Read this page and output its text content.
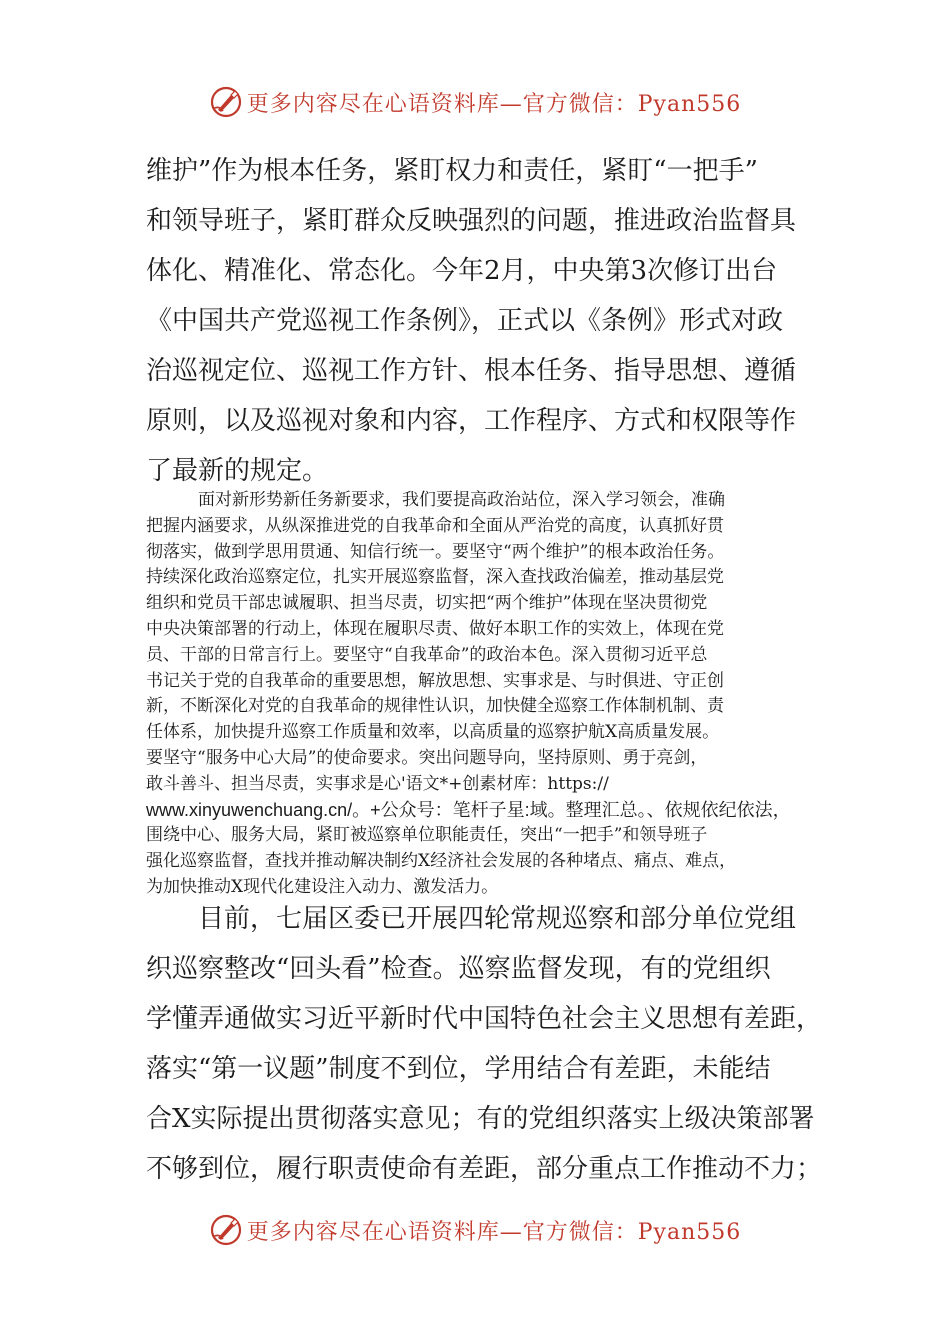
更多内容尽在心语资料库—官方微信：Pyan556
维护”作为根本任务，紧盯权力和责任，紧盯“一把手”
和领导班子，紧盯群众反映强烈的问题，推进政治监督具
体化、精准化、常态化。今年2月，中央第3次修订出台
《中国共产党巡视工作条例》，正式以《条例》形式对政
治巡视定位、巡视工作方针、根本任务、指导思想、遵循
原则，以及巡视对象和内容，工作程序、方式和权限等作
了最新的规定。
面对新形势新任务新要求，我们要提高政治站位，深入学习领会，准确
把握内涵要求，从纵深推进党的自我革命和全面从严治党的高度，认真抓好贯
彻落实，做到学思用贯通、知信行统一。要坚守“两个维护”的根本政治任务。
持续深化政治巡察定位，扎实开展巡察监督，深入查找政治偏差，推动基层党
组织和党员干部忠诚履职、担当尽责，切实把“两个维护”体现在坚决贯彻党
中央决策部署的行动上，体现在履职尽责、做好本职工作的实效上，体现在党
员、干部的日常言行上。要坚守“自我革命”的政治本色。深入贯彻习近平总
书记关于党的自我革命的重要思想，解放思想、实事求是、与时俱进、守正创
新，不断深化对党的自我革命的规律性认识，加快健全巡察工作体制机制、责
任体系，加快提升巡察工作质量和效率，以高质量的巡察护航X高质量发展。
要坚守“服务中心大局”的使命要求。突出问题导向，坚持原则、勇于亮剑，
敢斗善斗、担当尽责，实事求是心'语文*+创素材库：https://
www.xinyuwenchuang.cn/。+公众号：笔杆子星:域。整理汇总。、依规依纪依法，
围绕中心、服务大局，紧盯被巡察单位职能责任，突出“一把手”和领导班子
强化巡察监督，查找并推动解决制约X经济社会发展的各种堵点、痛点、难点，
为加快推动X现代化建设注入动力、激发活力。
目前，七届区委已开展四轮常规巡察和部分单位党组
织巡察整改“回头看”检查。巡察监督发现，有的党组织
学懂弄通做实习近平新时代中国特色社会主义思想有差距，
落实“第一议题”制度不到位，学用结合有差距，未能结
合X实际提出贯彻落实意见；有的党组织落实上级决策部署
不够到位，履行职责使命有差距，部分重点工作推动不力；
更多内容尽在心语资料库—官方微信：Pyan556
